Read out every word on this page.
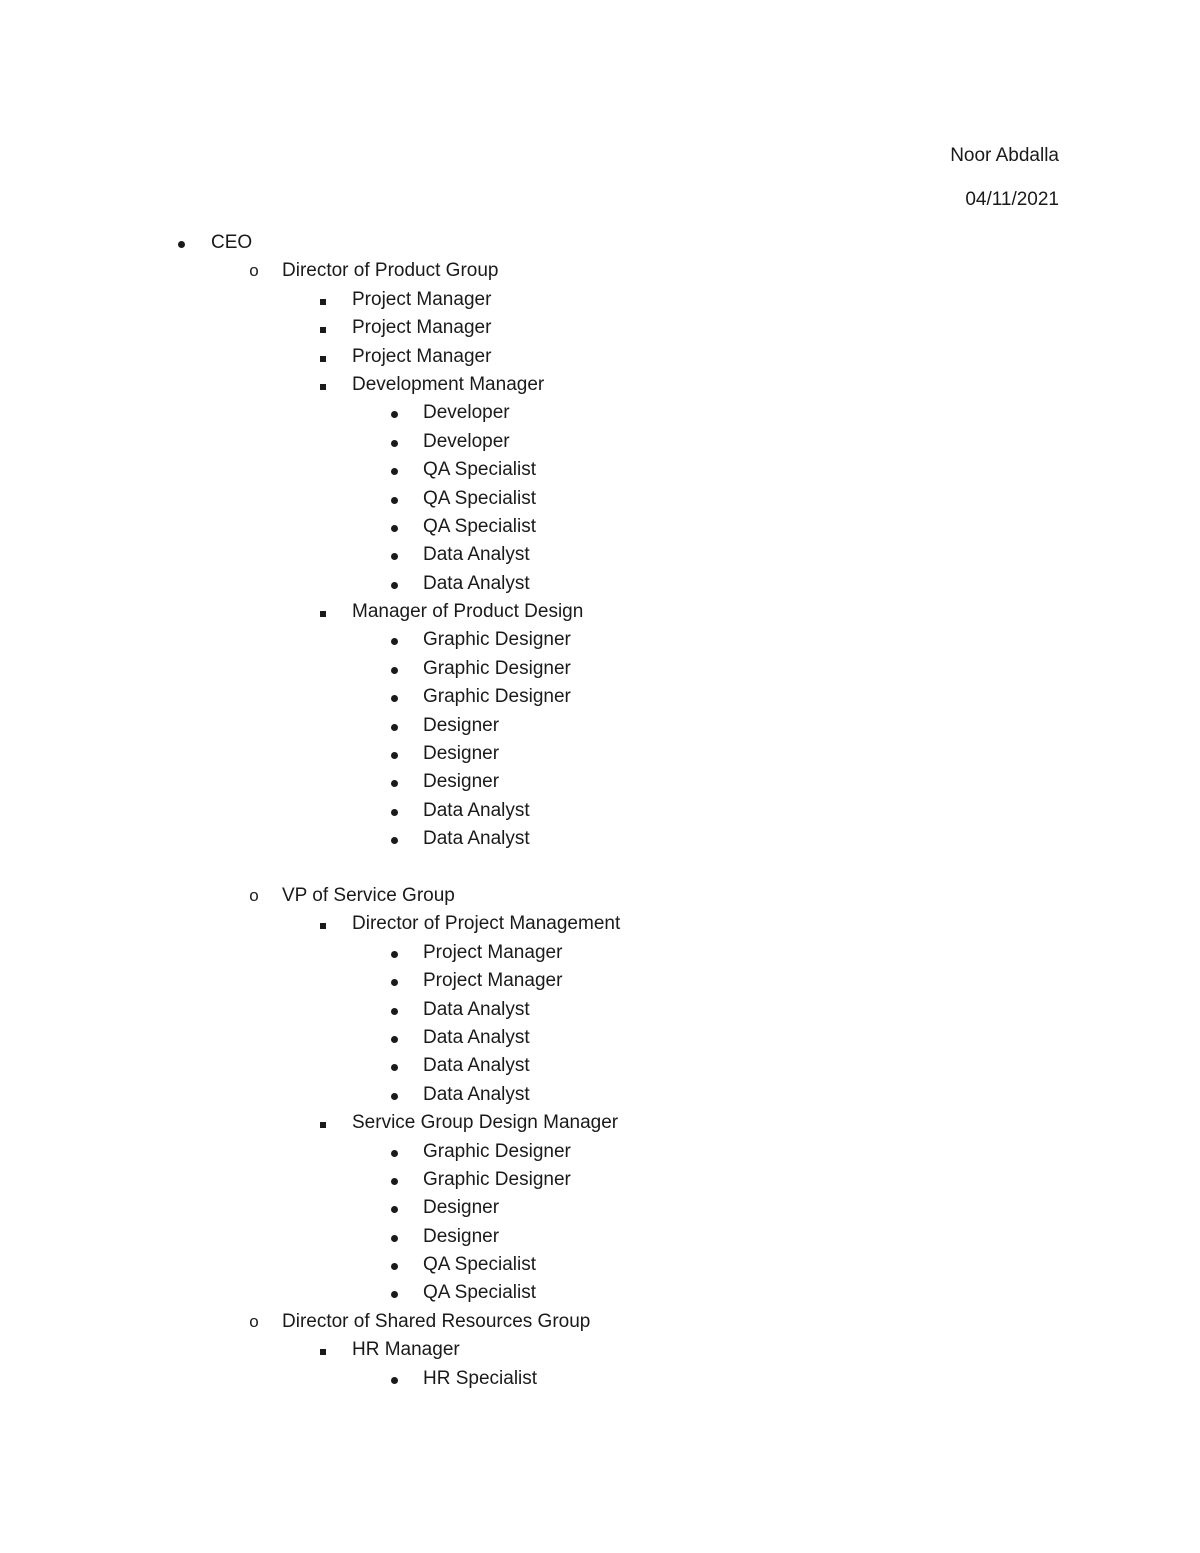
Noor Abdalla
04/11/2021
CEO
o Director of Product Group
Project Manager
Project Manager
Project Manager
Development Manager
Developer
Developer
QA Specialist
QA Specialist
QA Specialist
Data Analyst
Data Analyst
Manager of Product Design
Graphic Designer
Graphic Designer
Graphic Designer
Designer
Designer
Designer
Data Analyst
Data Analyst
o VP of Service Group
Director of Project Management
Project Manager
Project Manager
Data Analyst
Data Analyst
Data Analyst
Data Analyst
Service Group Design Manager
Graphic Designer
Graphic Designer
Designer
Designer
QA Specialist
QA Specialist
o Director of Shared Resources Group
HR Manager
HR Specialist
